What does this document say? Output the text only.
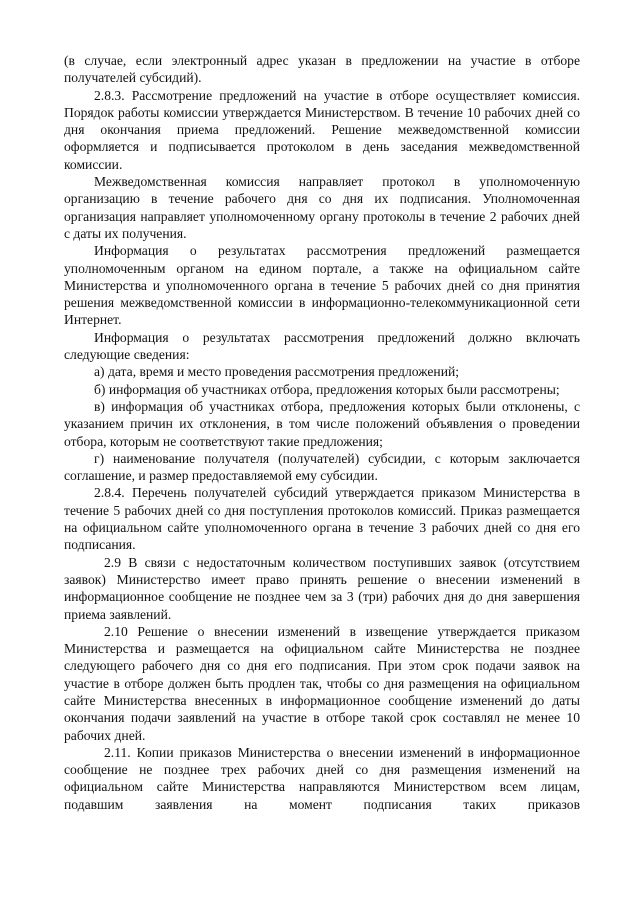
(в случае, если электронный адрес указан в предложении на участие в отборе получателей субсидий).

2.8.3. Рассмотрение предложений на участие в отборе осуществляет комиссия. Порядок работы комиссии утверждается Министерством. В течение 10 рабочих дней со дня окончания приема предложений. Решение межведомственной комиссии оформляется и подписывается протоколом в день заседания межведомственной комиссии.

Межведомственная комиссия направляет протокол в уполномоченную организацию в течение рабочего дня со дня их подписания. Уполномоченная организация направляет уполномоченному органу протоколы в течение 2 рабочих дней с даты их получения.

Информация о результатах рассмотрения предложений размещается уполномоченным органом на едином портале, а также на официальном сайте Министерства и уполномоченного органа в течение 5 рабочих дней со дня принятия решения межведомственной комиссии в информационно-телекоммуникационной сети Интернет.

Информация о результатах рассмотрения предложений должно включать следующие сведения:

а) дата, время и место проведения рассмотрения предложений;

б) информация об участниках отбора, предложения которых были рассмотрены;

в) информация об участниках отбора, предложения которых были отклонены, с указанием причин их отклонения, в том числе положений объявления о проведении отбора, которым не соответствуют такие предложения;

г) наименование получателя (получателей) субсидии, с которым заключается соглашение, и размер предоставляемой ему субсидии.

2.8.4. Перечень получателей субсидий утверждается приказом Министерства в течение 5 рабочих дней со дня поступления протоколов комиссий. Приказ размещается на официальном сайте уполномоченного органа в течение 3 рабочих дней со дня его подписания.

2.9 В связи с недостаточным количеством поступивших заявок (отсутствием заявок) Министерство имеет право принять решение о внесении изменений в информационное сообщение не позднее чем за 3 (три) рабочих дня до дня завершения приема заявлений.

2.10 Решение о внесении изменений в извещение утверждается приказом Министерства и размещается на официальном сайте Министерства не позднее следующего рабочего дня со дня его подписания. При этом срок подачи заявок на участие в отборе должен быть продлен так, чтобы со дня размещения на официальном сайте Министерства внесенных в информационное сообщение изменений до даты окончания подачи заявлений на участие в отборе такой срок составлял не менее 10 рабочих дней.

2.11. Копии приказов Министерства о внесении изменений в информационное сообщение не позднее трех рабочих дней со дня размещения изменений на официальном сайте Министерства направляются Министерством всем лицам, подавшим заявления на момент подписания таких приказов
